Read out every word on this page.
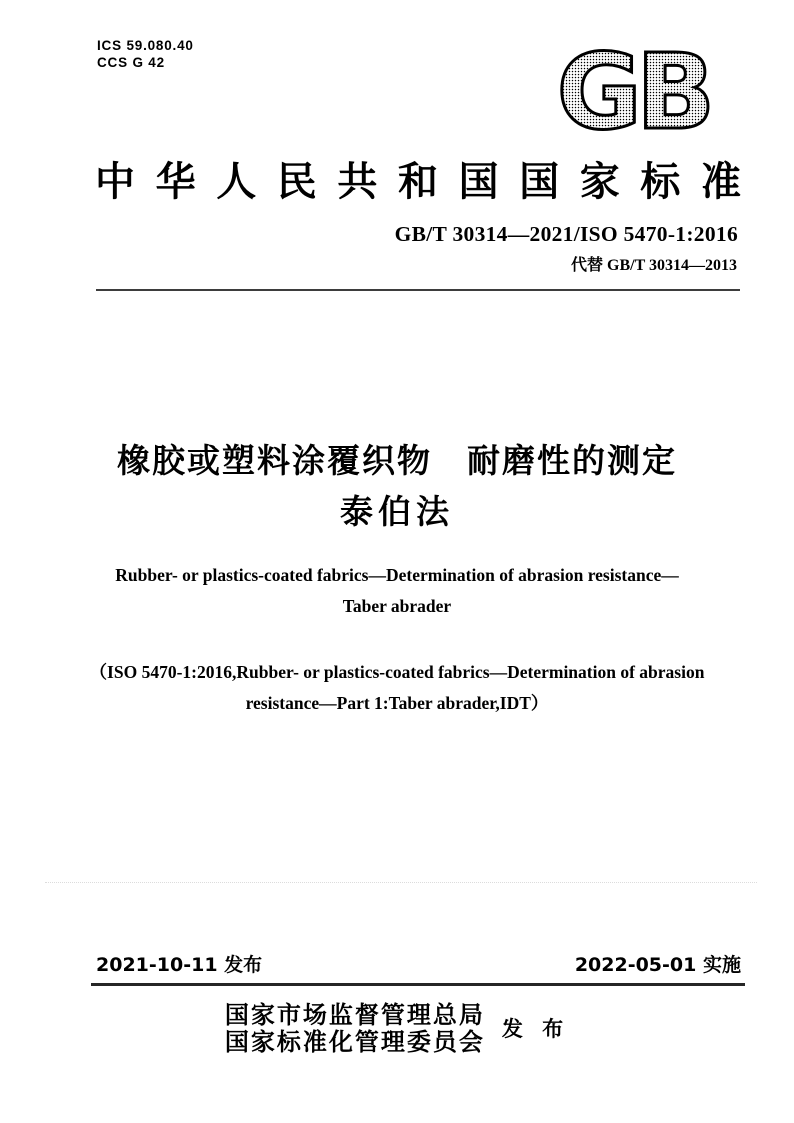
ICS 59.080.40
CCS G 42	GB
中华人民共和国国家标准
GB/T 30314—2021/ISO 5470-1:2016
代替 GB/T 30314—2013
橡胶或塑料涂覆织物　耐磨性的测定
泰伯法
Rubber- or plastics-coated fabrics—Determination of abrasion resistance—
Taber abrader
（ISO 5470-1:2016,Rubber- or plastics-coated fabrics—Determination of abrasion
resistance—Part 1:Taber abrader,IDT）
2021-10-11 发布	2022-05-01 实施
国家市场监督管理总局
国家标准化管理委员会 发 布
